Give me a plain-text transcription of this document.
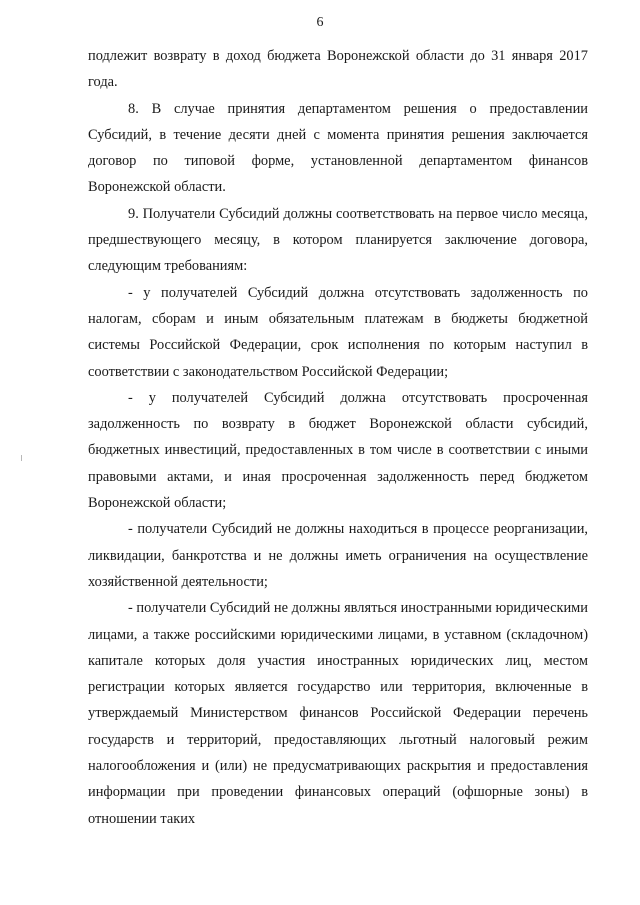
6

подлежит возврату в доход бюджета Воронежской области до 31 января 2017 года.

8. В случае принятия департаментом решения о предоставлении Субсидий, в течение десяти дней с момента принятия решения заключается договор по типовой форме, установленной департаментом финансов Воронежской области.

9. Получатели Субсидий должны соответствовать на первое число месяца, предшествующего месяцу, в котором планируется заключение договора, следующим требованиям:

- у получателей Субсидий должна отсутствовать задолженность по налогам, сборам и иным обязательным платежам в бюджеты бюджетной системы Российской Федерации, срок исполнения по которым наступил в соответствии с законодательством Российской Федерации;

- у получателей Субсидий должна отсутствовать просроченная задолженность по возврату в бюджет Воронежской области субсидий, бюджетных инвестиций, предоставленных в том числе в соответствии с иными правовыми актами, и иная просроченная задолженность перед бюджетом Воронежской области;

- получатели Субсидий не должны находиться в процессе реорганизации, ликвидации, банкротства и не должны иметь ограничения на осуществление хозяйственной деятельности;

- получатели Субсидий не должны являться иностранными юридическими лицами, а также российскими юридическими лицами, в уставном (складочном) капитале которых доля участия иностранных юридических лиц, местом регистрации которых является государство или территория, включенные в утверждаемый Министерством финансов Российской Федерации перечень государств и территорий, предоставляющих льготный налоговый режим налогообложения и (или) не предусматривающих раскрытия и предоставления информации при проведении финансовых операций (офшорные зоны) в отношении таких
